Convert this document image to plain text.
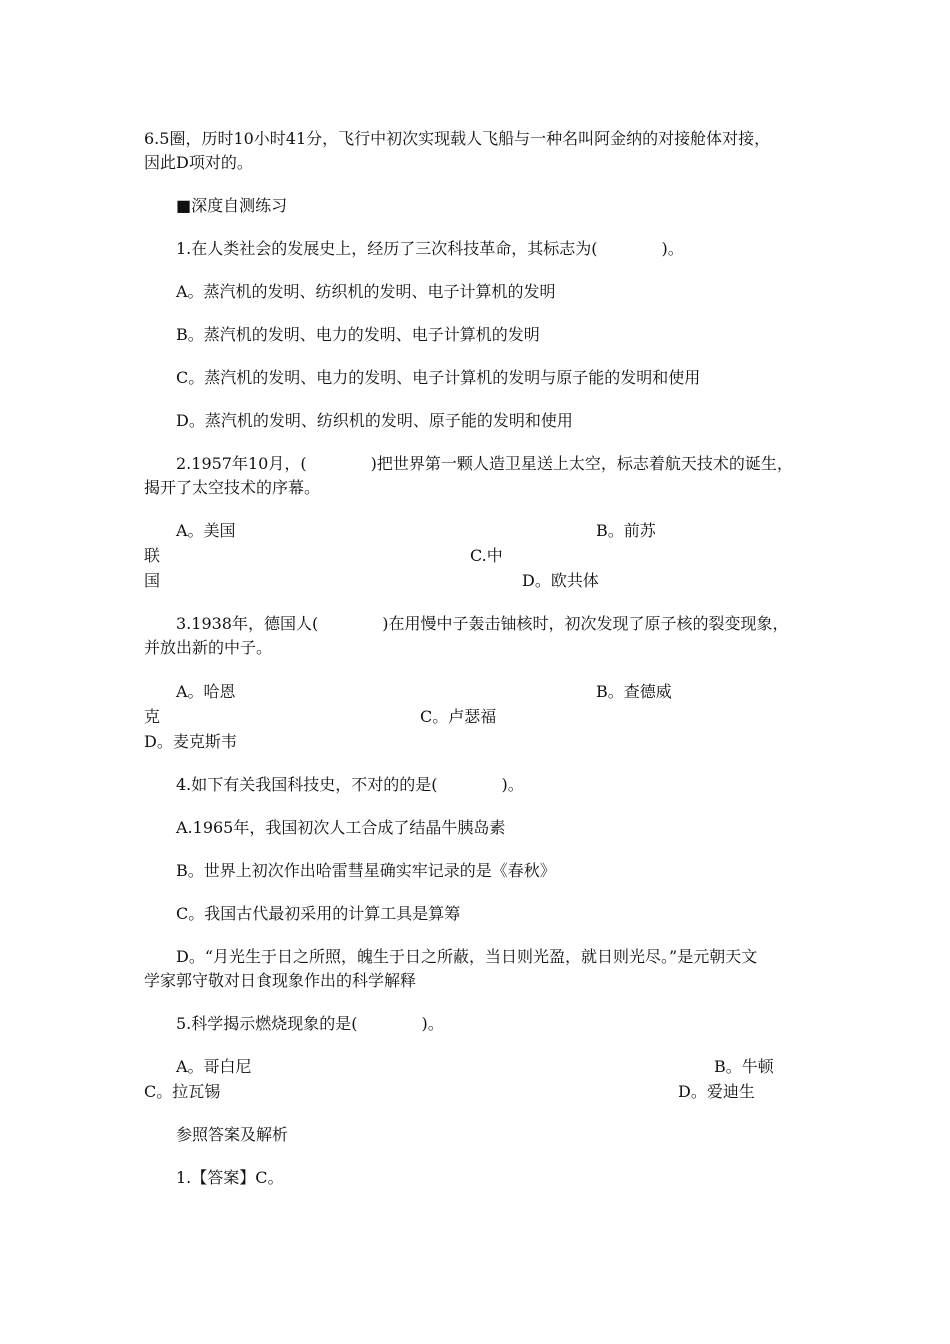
6.5圈，历时10小时41分，飞行中初次实现载人飞船与一种名叫阿金纳的对接舱体对接，
因此D项对的。
■深度自测练习
1.在人类社会的发展史上，经历了三次科技革命，其标志为(　　　　)。
A。蒸汽机的发明、纺织机的发明、电子计算机的发明
B。蒸汽机的发明、电力的发明、电子计算机的发明
C。蒸汽机的发明、电力的发明、电子计算机的发明与原子能的发明和使用
D。蒸汽机的发明、纺织机的发明、原子能的发明和使用
2.1957年10月，(　　　　)把世界第一颗人造卫星送上太空，标志着航天技术的诞生，
揭开了太空技术的序幕。
A。美国	B。前苏
联	C.中
国	D。欧共体
3.1938年，德国人(　　　　)在用慢中子轰击铀核时，初次发现了原子核的裂变现象，
并放出新的中子。
A。哈恩	B。查德威
克	C。卢瑟福
D。麦克斯韦
4.如下有关我国科技史，不对的的是(　　　　)。
A.1965年，我国初次人工合成了结晶牛胰岛素
B。世界上初次作出哈雷彗星确实牢记录的是《春秋》
C。我国古代最初采用的计算工具是算筹
D。“月光生于日之所照，魄生于日之所蔽，当日则光盈，就日则光尽。”是元朝天文
学家郭守敬对日食现象作出的科学解释
5.科学揭示燃烧现象的是(　　　　)。
A。哥白尼	B。牛顿
C。拉瓦锡	D。爱迪生
参照答案及解析
1.【答案】C。
